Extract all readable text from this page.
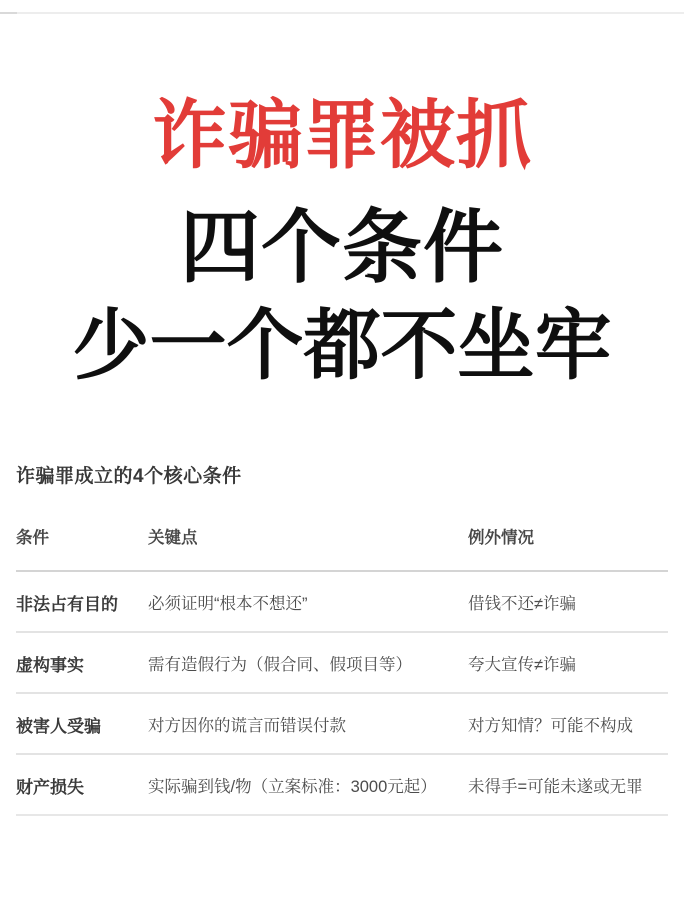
诈骗罪被抓
四个条件
少一个都不坐牢
诈骗罪成立的4个核心条件
条件	关键点	例外情况
非法占有目的	必须证明“根本不想还”	借钱不还≠诈骗
虚构事实	需有造假行为（假合同、假项目等）	夸大宣传≠诈骗
被害人受骗	对方因你的谎言而错误付款	对方知情？可能不构成
财产损失	实际骗到钱/物（立案标准：3000元起）	未得手=可能未遂或无罪
